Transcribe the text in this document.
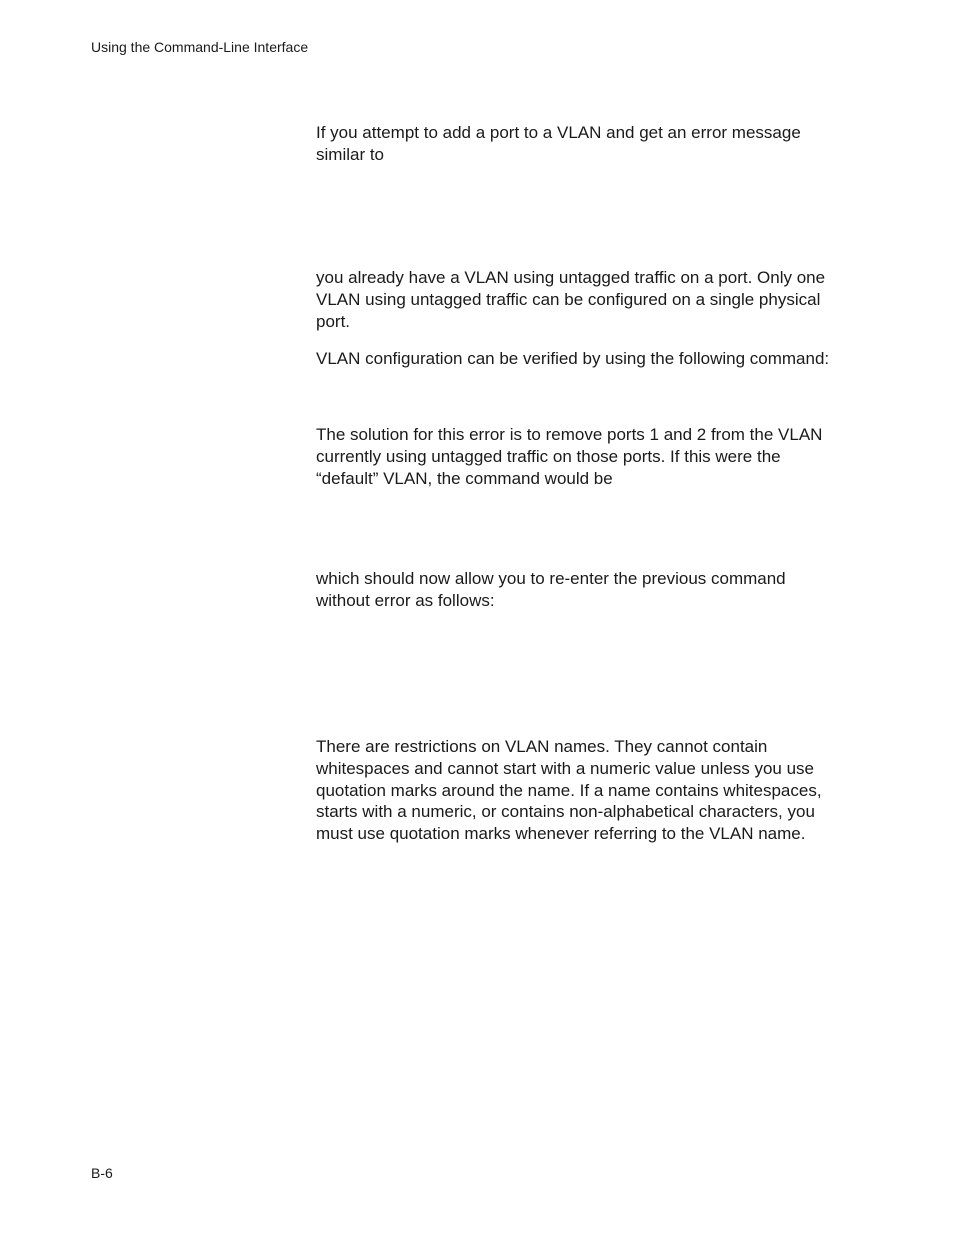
Using the Command-Line Interface
If you attempt to add a port to a VLAN and get an error message
similar to
you already have a VLAN using untagged traffic on a port. Only one
VLAN using untagged traffic can be configured on a single physical
port.
VLAN configuration can be verified by using the following command:
The solution for this error is to remove ports 1 and 2 from the VLAN
currently using untagged traffic on those ports. If this were the
“default” VLAN, the command would be
which should now allow you to re-enter the previous command
without error as follows:
There are restrictions on VLAN names. They cannot contain
whitespaces and cannot start with a numeric value unless you use
quotation marks around the name. If a name contains whitespaces,
starts with a numeric, or contains non-alphabetical characters, you
must use quotation marks whenever referring to the VLAN name.
B-6
